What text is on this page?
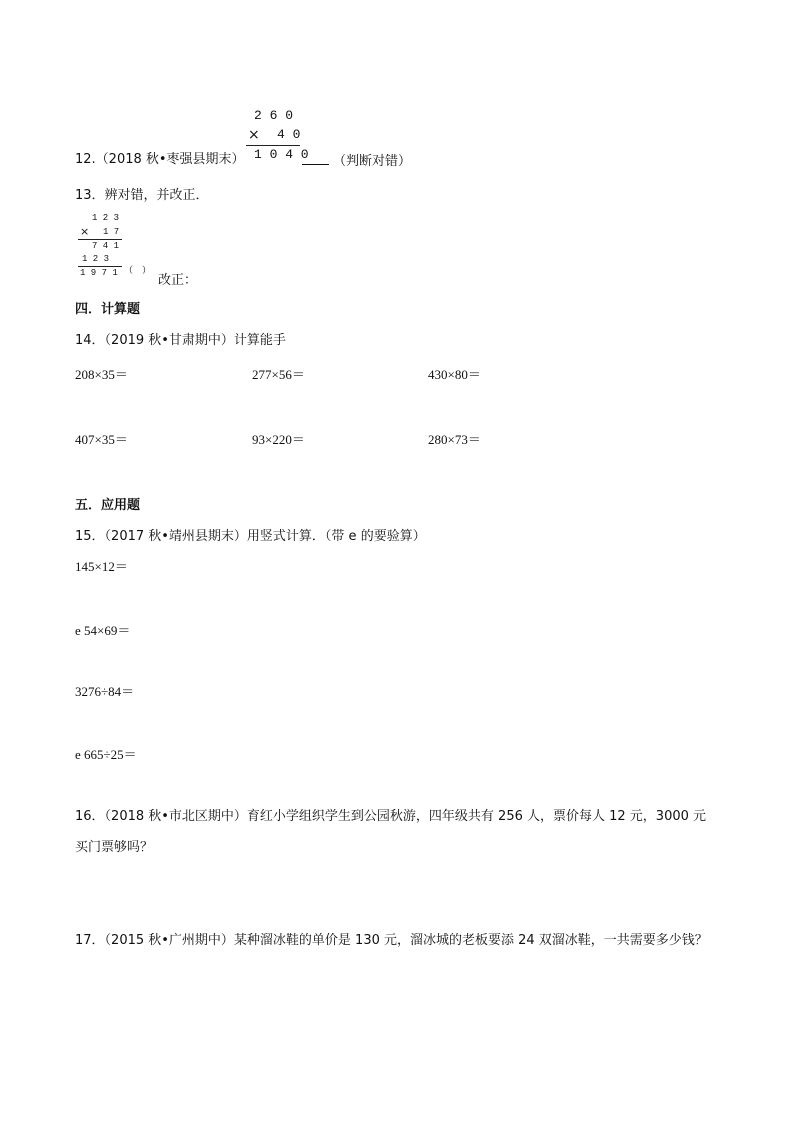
2 6 0
× 4 0
1 0 4 0
12.（2018 秋•枣强县期末）	（判断对错）
13．辨对错，并改正．
1 2 3
× 1 7
7 4 1
1 2 3
1 9 7 1 （　）
改正：
四．计算题
14．（2019 秋•甘肃期中）计算能手
208×35＝	277×56＝	430×80＝
407×35＝	93×220＝	280×73＝
五．应用题
15．（2017 秋•靖州县期末）用竖式计算．（带 e 的要验算）
145×12＝
e 54×69＝
3276÷84＝
e 665÷25＝
16．（2018 秋•市北区期中）育红小学组织学生到公园秋游，四年级共有 256 人，票价每人 12 元，3000 元
买门票够吗？
17．（2015 秋•广州期中）某种溜冰鞋的单价是 130 元，溜冰城的老板要添 24 双溜冰鞋，一共需要多少钱？
